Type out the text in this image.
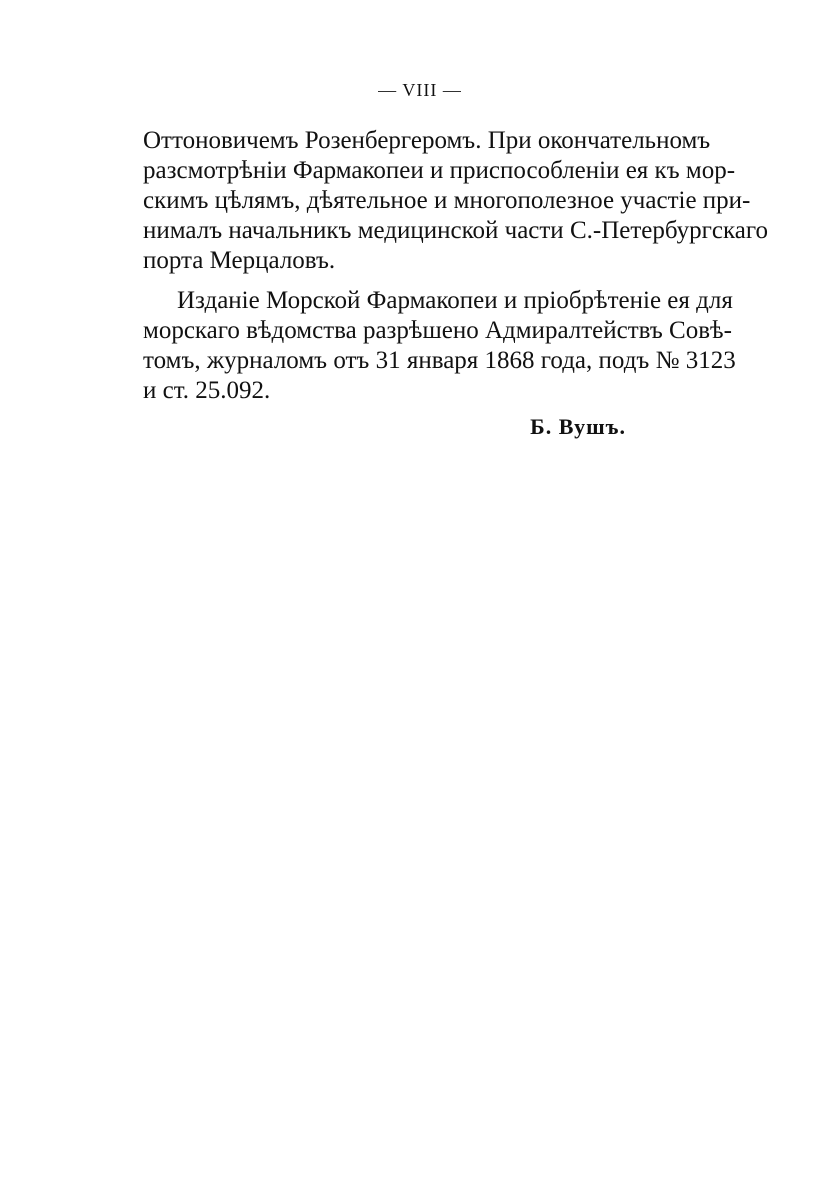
— VIII —
Оттоновичемъ Розенбергеромъ. При окончательномъ
разсмотрѣніи Фармакопеи и приспособленіи ея къ мор-
скимъ цѣлямъ, дѣятельное и многополезное участіе при-
нималъ начальникъ медицинской части С.-Петербургскаго
порта Мерцаловъ.
Изданіе Морской Фармакопеи и пріобрѣтеніе ея для
морскаго вѣдомства разрѣшено Адмиралтействъ Совѣ-
томъ, журналомъ отъ 31 января 1868 года, подъ № 3123
и ст. 25.092.
Б. Вушъ.
